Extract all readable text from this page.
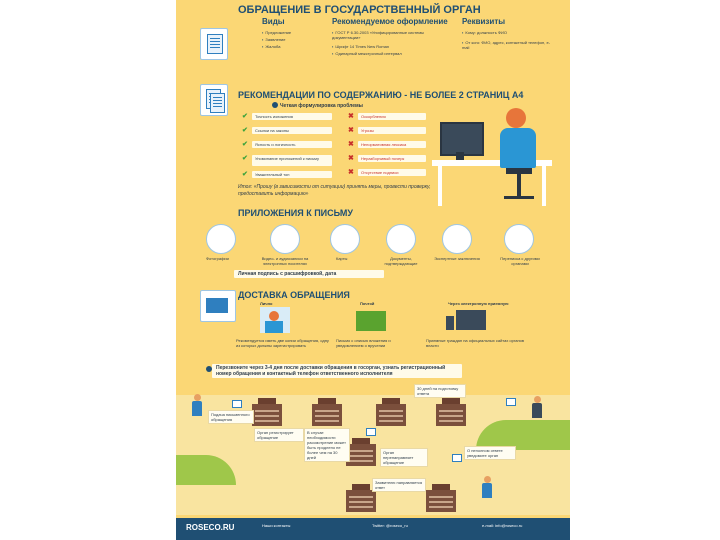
ОБРАЩЕНИЕ В ГОСУДАРСТВЕННЫЙ ОРГАН
Виды
▪ Предложение
▪ Заявление
▪ Жалоба
Рекомендуемое оформление
▪ ГОСТ Р 6.30-2003 «Унифицированные системы документации»
▪ Шрифт 14 Times New Roman
▪ Одинарный межстрочный интервал
Реквизиты
▪ Кому: должность ФИО
▪ От кого: ФИО, адрес, контактный телефон, e-mail
РЕКОМЕНДАЦИИ ПО СОДЕРЖАНИЮ - НЕ БОЛЕЕ 2 СТРАНИЦ А4
Четкая формулировка проблемы
✔ Точность изложения
✔ Ссылки на законы
✔ Ясность и логичность
✔ Упоминание приложений к письму
✔ Уважительный тон
✖ Оскорбления
✖ Угрозы
✖ Ненормативная лексика
✖ Неразборчивый почерк
✖ Отсутствие подписи
Итог: «Прошу (в зависимости от ситуации) принять меры, провести проверку, предоставить информацию»
ПРИЛОЖЕНИЯ К ПИСЬМУ
Фотографии	Видео- и аудиозаписи на электронных носителях
Карты	Документы, подтверждающие
Экспертные заключения	Переписка с другими органами
Личная подпись с расшифровкой, дата
ДОСТАВКА ОБРАЩЕНИЯ
Лично	Почтой	Через электронную приемную
Рекомендуется иметь две копии обращения, одну из которых должны зарегистрировать
Письмо с описью вложения и уведомлением о вручении
Приемные граждан на официальных сайтах органов власти
Перезвоните через 3-4 дня после доставки обращения в госорган, узнать регистрационный номер обращения и контактный телефон ответственного исполнителя
Подача письменного обращения
Орган регистрирует обращение
30 дней на подготовку ответа
В случае необходимости рассмотрение может быть продлено не более чем на 30 дней
Орган перенаправляет обращение
Заявителю направляется ответ
О неполном ответе уведомите орган
ROSECO.RU	Наши контакты	Twitter: @roseco_ru	e-mail: info@roseco.ru
